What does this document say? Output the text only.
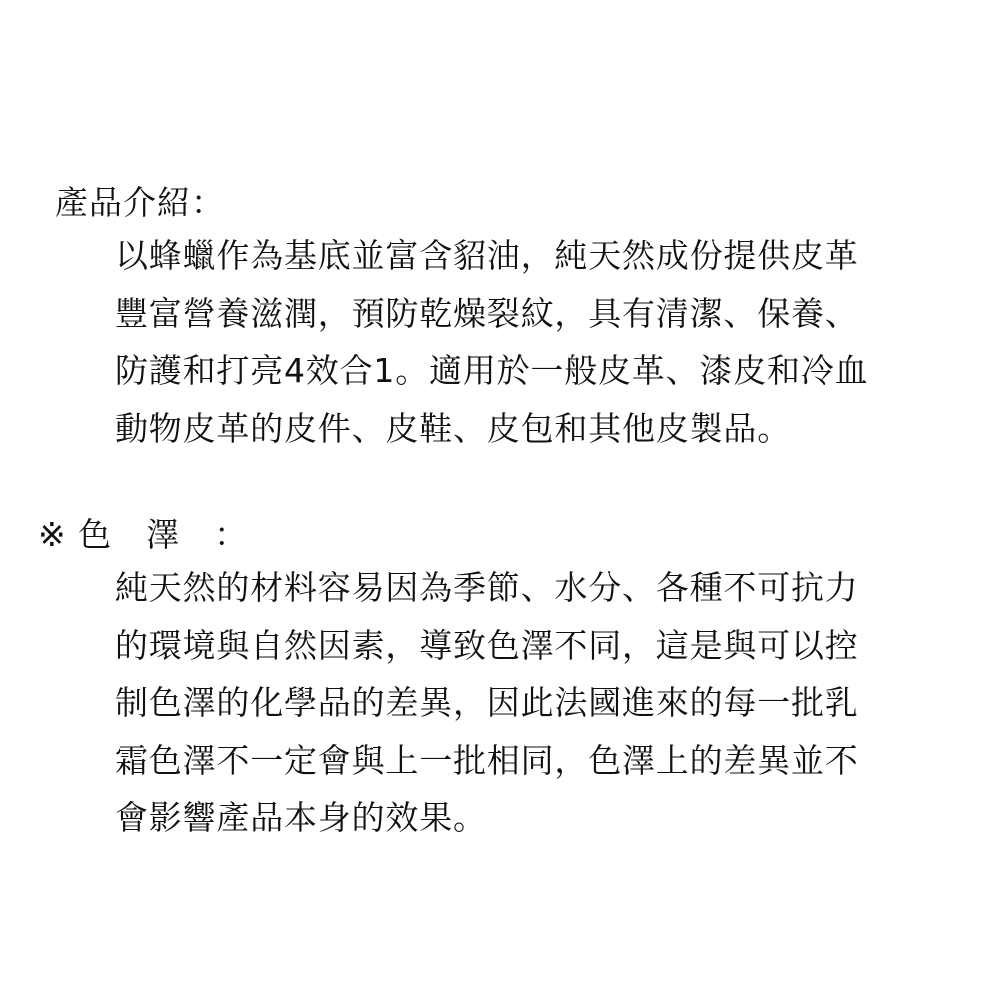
產品介紹：
以蜂蠟作為基底並富含貂油，純天然成份提供皮革
豐富營養滋潤，預防乾燥裂紋，具有清潔、保養、
防護和打亮4效合1。適用於一般皮革、漆皮和冷血
動物皮革的皮件、皮鞋、皮包和其他皮製品。
※ 色　澤　：
純天然的材料容易因為季節、水分、各種不可抗力
的環境與自然因素，導致色澤不同，這是與可以控
制色澤的化學品的差異，因此法國進來的每一批乳
霜色澤不一定會與上一批相同，色澤上的差異並不
會影響產品本身的效果。
